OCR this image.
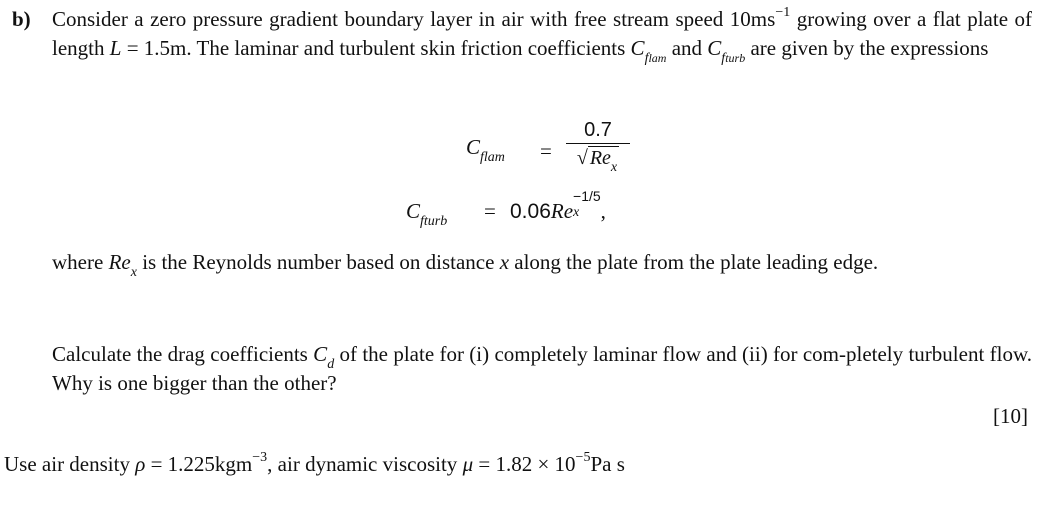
b) Consider a zero pressure gradient boundary layer in air with free stream speed $10ms^{-1}$ growing over a flat plate of length L = 1.5m. The laminar and turbulent skin friction coefficients $C_{flam}$ and $C_{fturb}$ are given by the expressions
$C_{flam}$ =
0.7
√ $Re_x$
$C_{fturb} = 0.06Re$ x
$^{-1/5}$,
where $Re_x$ is the Reynolds number based on distance x along the plate from the plate leading edge.
Calculate the drag coefficients $C_d$ of the plate for (i) completely laminar flow and (ii) for com-pletely turbulent flow. Why is one bigger than the other?
[10]
Use air density ρ = 1.225kgm$^{-3}$, air dynamic viscosity $\mu = 1.82 \times 10^{-5}Pa$ s
